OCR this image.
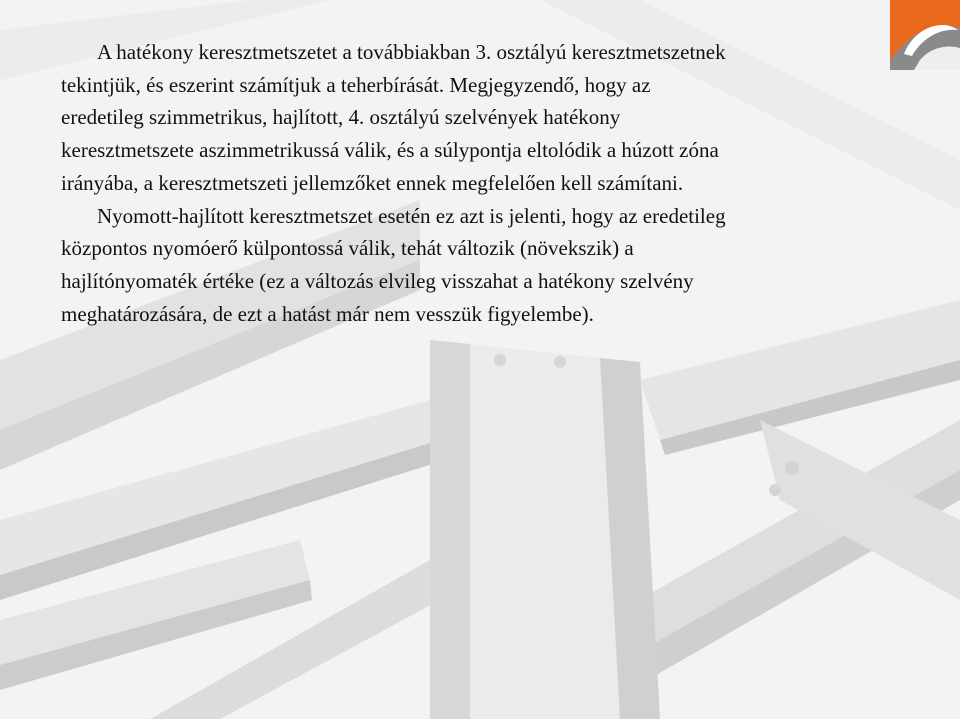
A hatékony keresztmetszetet a továbbiakban 3. osztályú keresztmetszetnek
tekintjük, és eszerint számítjuk a teherbírását. Megjegyzendő, hogy az
eredetileg szimmetrikus, hajlított, 4. osztályú szelvények hatékony
keresztmetszete aszimmetrikussá válik, és a súlypontja eltolódik a húzott zóna
irányába, a keresztmetszeti jellemzőket ennek megfelelően kell számítani.

Nyomott-hajlított keresztmetszet esetén ez azt is jelenti, hogy az eredetileg
központos nyomóerő külpontossá válik, tehát változik (növekszik) a
hajlítónyomaték értéke (ez a változás elvileg visszahat a hatékony szelvény
meghatározására, de ezt a hatást már nem vesszük figyelembe).
